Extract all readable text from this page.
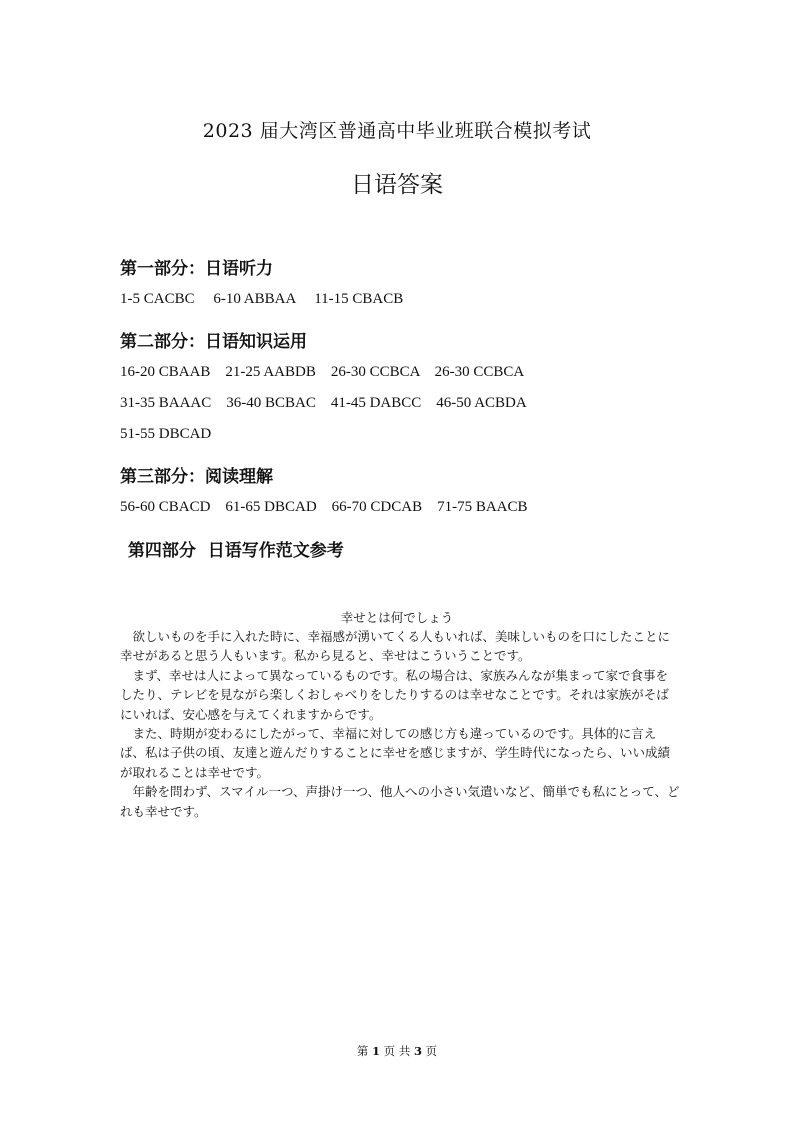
2023 届大湾区普通高中毕业班联合模拟考试
日语答案
第一部分：日语听力
1-5 CACBC     6-10 ABBAA     11-15 CBACB
第二部分：日语知识运用
16-20 CBAAB    21-25 AABDB    26-30 CCBCA    26-30 CCBCA
31-35 BAAAC    36-40 BCBAC    41-45 DABCC    46-50 ACBDA
51-55 DBCAD
第三部分：阅读理解
56-60 CBACD    61-65 DBCAD    66-70 CDCAB    71-75 BAACB
第四部分  日语写作范文参考
幸せとは何でしょう

欲しいものを手に入れた時に、幸福感が湧いてくる人もいれば、美味しいものを口にしたことに幸せがあると思う人もいます。私から見ると、幸せはこういうことです。

まず、幸せは人によって異なっているものです。私の場合は、家族みんなが集まって家で食事をしたり、テレビを見ながら楽しくおしゃべりをしたりするのは幸せなことです。それは家族がそばにいれば、安心感を与えてくれますからです。

また、時期が変わるにしたがって、幸福に対しての感じ方も違っているのです。具体的に言えば、私は子供の頃、友達と遊んだりすることに幸せを感じますが、学生時代になったら、いい成績が取れることは幸せです。

年齢を問わず、スマイル一つ、声掛け一つ、他人への小さい気遣いなど、簡単でも私にとって、どれも幸せです。

第 1 页 共 3 页
